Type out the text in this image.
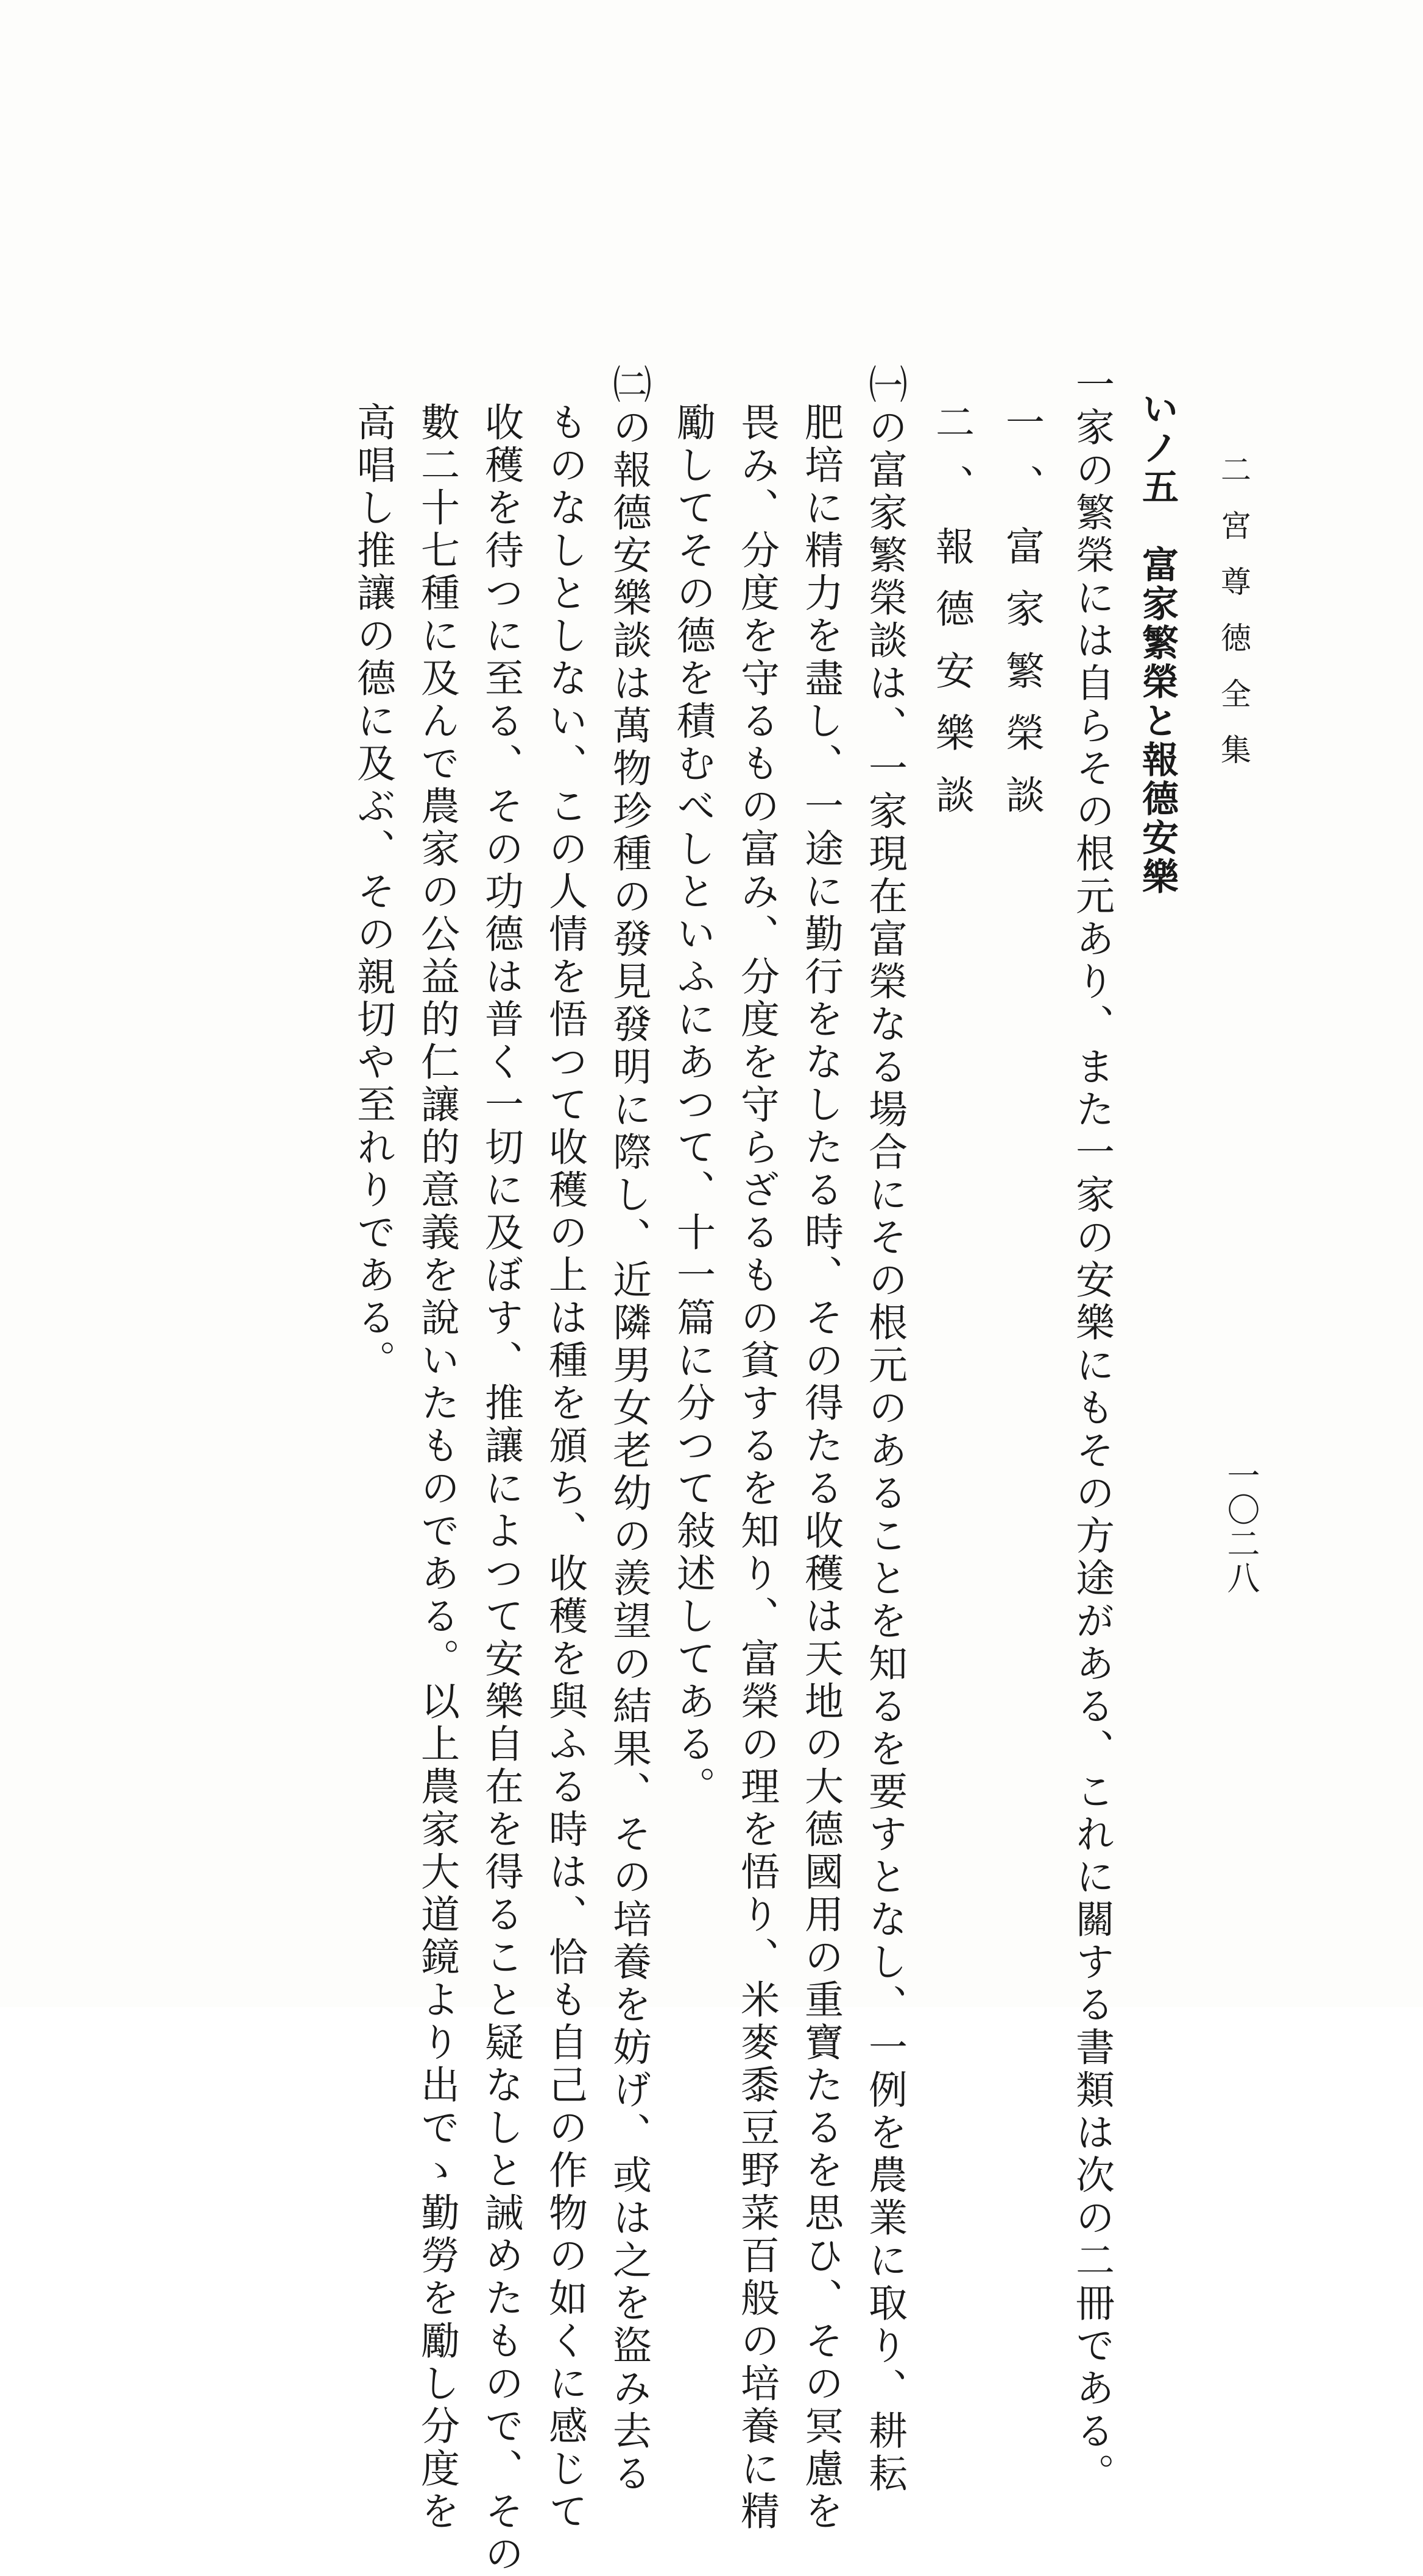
二宮尊徳全集
一〇二八
いノ五　富家繁榮と報德安樂
一家の繁榮には自らその根元あり、また一家の安樂にもその方途がある、これに關する書類は次の二冊である。
一、富家繁榮談
二、報德安樂談
㈠の富家繁榮談は、一家現在富榮なる場合にその根元のあることを知るを要すとなし、一例を農業に取り、耕耘
肥培に精力を盡し、一途に勤行をなしたる時、その得たる收穫は天地の大德國用の重寶たるを思ひ、その冥慮を
畏み、分度を守るもの富み、分度を守らざるもの貧するを知り、富榮の理を悟り、米麥黍豆野菜百般の培養に精
勵してその德を積むべしといふにあつて、十一篇に分つて敍述してある。
㈡の報德安樂談は萬物珍種の發見發明に際し、近隣男女老幼の羨望の結果、その培養を妨げ、或は之を盜み去る
ものなしとしない、この人情を悟つて收穫の上は種を頒ち、收穫を與ふる時は、恰も自己の作物の如くに感じて
收穫を待つに至る、その功德は普く一切に及ぼす、推讓によつて安樂自在を得ること疑なしと誡めたもので、その
數二十七種に及んで農家の公益的仁讓的意義を說いたものである。以上農家大道鏡より出でゝ勤勞を勵し分度を
高唱し推讓の德に及ぶ、その親切や至れりである。
